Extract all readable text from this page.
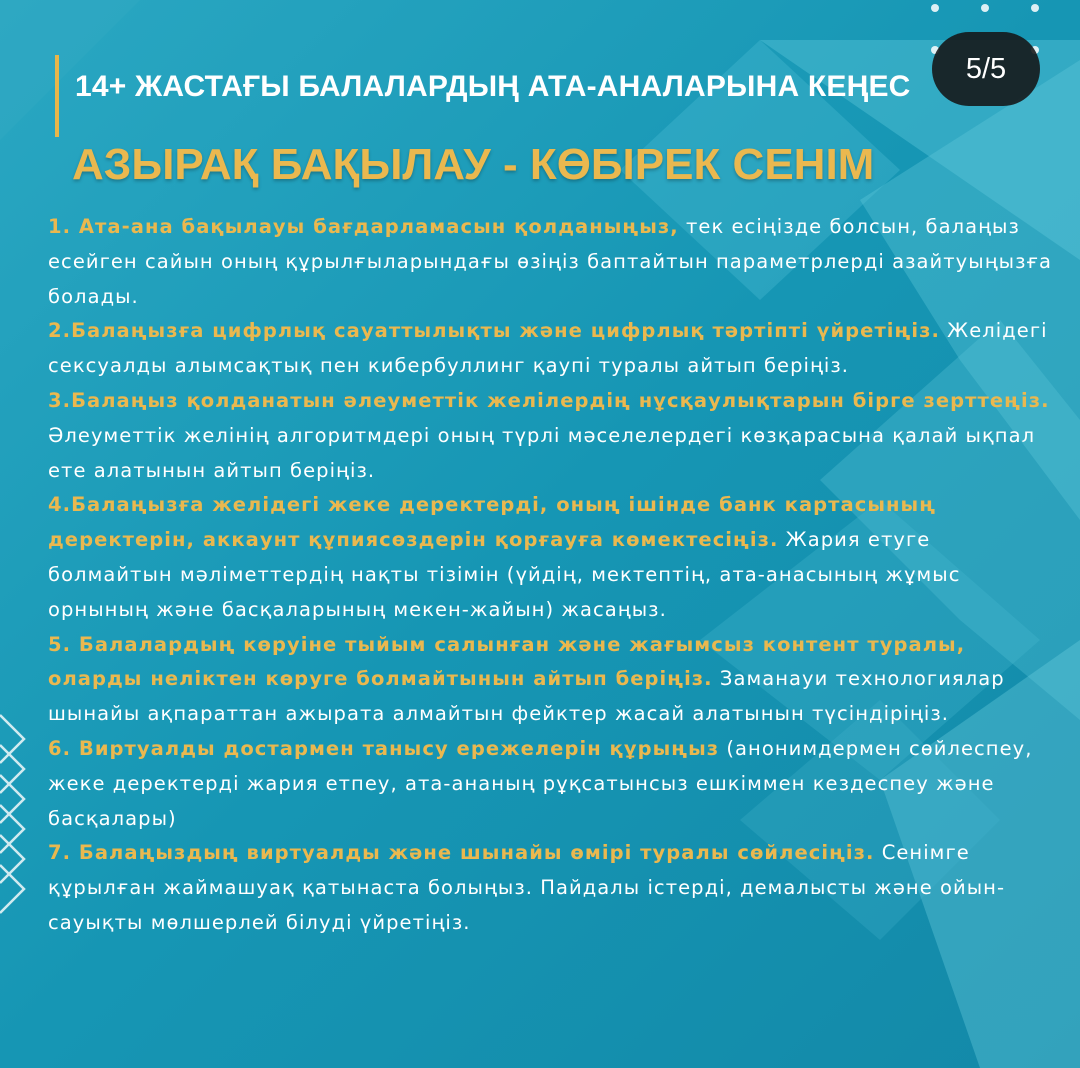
14+ ЖАСТАҒЫ БАЛАЛАРДЫҢ АТА-АНАЛАРЫНА КЕҢЕС
АЗЫРАҚ БАҚЫЛАУ - КӨБІРЕК СЕНІМ
5/5

1. Ата-ана бақылауы бағдарламасын қолданыңыз, тек есіңізде болсын, балаңыз есейген сайын оның құрылғыларындағы өзіңіз баптайтын параметрлерді азайтуыңызға болады.

2.Балаңызға цифрлық сауаттылықты және цифрлық тәртіпті үйретіңіз. Желідегі сексуалды алымсақтық пен кибербуллинг қаупі туралы айтып беріңіз.

3.Балаңыз қолданатын әлеуметтік желілердің нұсқаулықтарын бірге зерттеңіз. Әлеуметтік желінің алгоритмдері оның түрлі мәселелердегі көзқарасына қалай ықпал ете алатынын айтып беріңіз.

4.Балаңызға желідегі жеке деректерді, оның ішінде банк картасының деректерін, аккаунт құпиясөздерін қорғауға көмектесіңіз. Жария етуге болмайтын мәліметтердің нақты тізімін (үйдің, мектептің, ата-анасының жұмыс орнының және басқаларының мекен-жайын) жасаңыз.

5. Балалардың көруіне тыйым салынған және жағымсыз контент туралы, оларды неліктен көруге болмайтынын айтып беріңіз. Заманауи технологиялар шынайы ақпараттан ажырата алмайтын фейктер жасай алатынын түсіндіріңіз.

6. Виртуалды достармен танысу ережелерін құрыңыз (анонимдермен сөйлеспеу, жеке деректерді жария етпеу, ата-ананың рұқсатынсыз ешкіммен кездеспеу және басқалары)

7. Балаңыздың виртуалды және шынайы өмірі туралы сөйлесіңіз. Сенімге құрылған жаймашуақ қатынаста болыңыз. Пайдалы істерді, демалысты және ойын-сауықты мөлшерлей білуді үйретіңіз.
